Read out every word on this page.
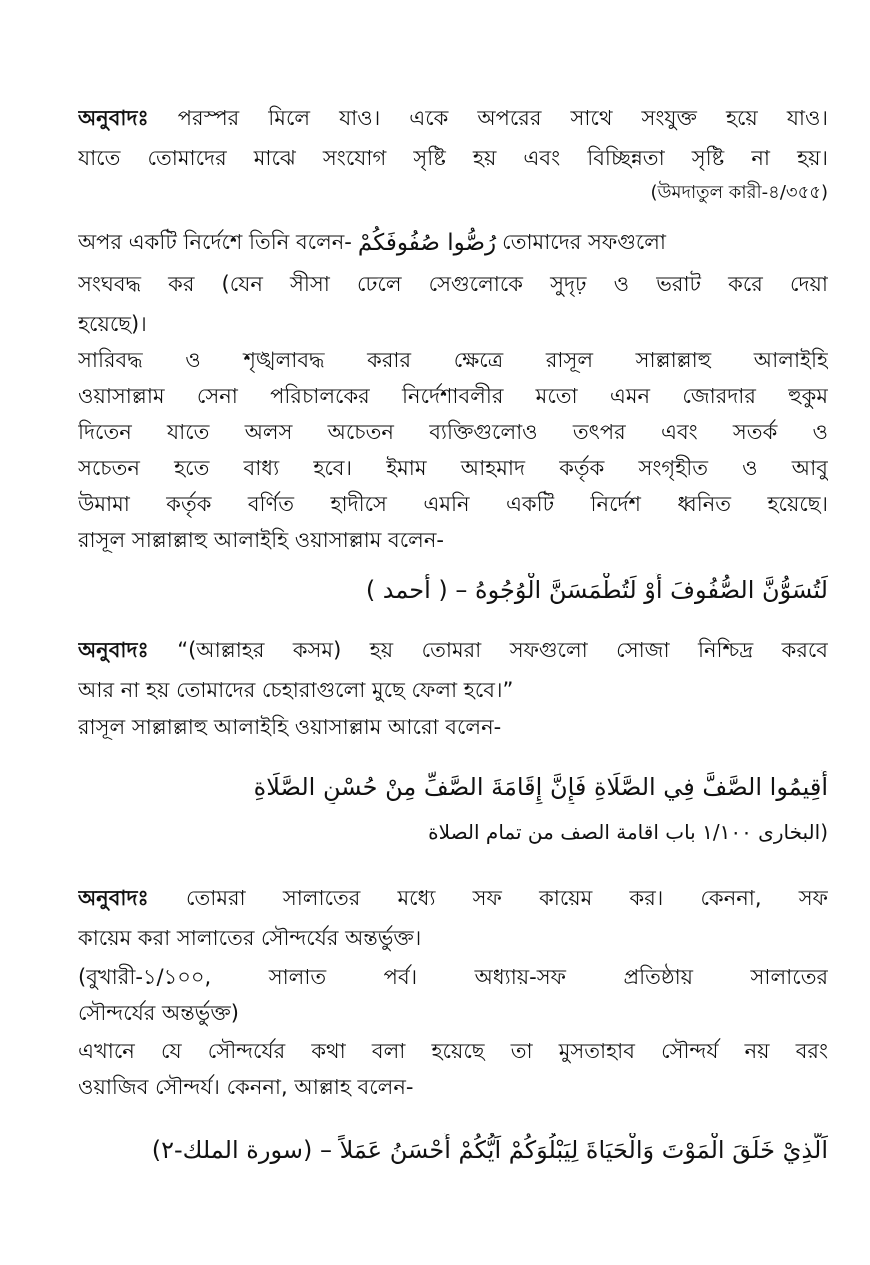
অনুবাদঃ পরস্পর মিলে যাও। একে অপরের সাথে সংযুক্ত হয়ে যাও।
যাতে তোমাদের মাঝে সংযোগ সৃষ্টি হয় এবং বিচ্ছিন্নতা সৃষ্টি না হয়।
(উমদাতুল কারী-৪/৩৫৫)
অপর একটি নির্দেশে তিনি বলেন- رُصُّوا صُفُوفَكُمْ তোমাদের সফগুলো
সংঘবদ্ধ কর (যেন সীসা ঢেলে সেগুলোকে সুদৃঢ় ও ভরাট করে দেয়া
হয়েছে)।
সারিবদ্ধ ও শৃঙ্খলাবদ্ধ করার ক্ষেত্রে রাসূল সাল্লাল্লাহু আলাইহি
ওয়াসাল্লাম সেনা পরিচালকের নির্দেশাবলীর মতো এমন জোরদার হুকুম
দিতেন যাতে অলস অচেতন ব্যক্তিগুলোও তৎপর এবং সতর্ক ও
সচেতন হতে বাধ্য হবে। ইমাম আহমাদ কর্তৃক সংগৃহীত ও আবু
উমামা কর্তৃক বর্ণিত হাদীসে এমনি একটি নির্দেশ ধ্বনিত হয়েছে।
রাসূল সাল্লাল্লাহু আলাইহি ওয়াসাল্লাম বলেন-
لَتُسَوُّنَّ الصُّفُوفَ أَوْ لَتُطْمَسَنَّ الْوُجُوهُ – ( أحمد )
অনুবাদঃ “(আল্লাহর কসম) হয় তোমরা সফগুলো সোজা নিশ্চিদ্র করবে
আর না হয় তোমাদের চেহারাগুলো মুছে ফেলা হবে।”
রাসূল সাল্লাল্লাহু আলাইহি ওয়াসাল্লাম আরো বলেন-
أَقِيمُوا الصَّفَّ فِي الصَّلَاةِ فَإِنَّ إِقَامَةَ الصَّفِّ مِنْ حُسْنِ الصَّلَاةِ
(البخارى ١/١٠٠ باب اقامة الصف من تمام الصلاة
অনুবাদঃ তোমরা সালাতের মধ্যে সফ কায়েম কর। কেননা, সফ
কায়েম করা সালাতের সৌন্দর্যের অন্তর্ভুক্ত।
(বুখারী-১/১০০, সালাত পর্ব। অধ্যায়-সফ প্রতিষ্ঠায় সালাতের
সৌন্দর্যের অন্তর্ভুক্ত)
এখানে যে সৌন্দর্যের কথা বলা হয়েছে তা মুসতাহাব সৌন্দর্য নয় বরং
ওয়াজিব সৌন্দর্য। কেননা, আল্লাহ বলেন-
اَلَّذِيْ خَلَقَ الْمَوْتَ وَالْحَيَاةَ لِيَبْلُوَكُمْ اَيُّكُمْ أَحْسَنُ عَمَلاً – (سورة الملك-٢)
